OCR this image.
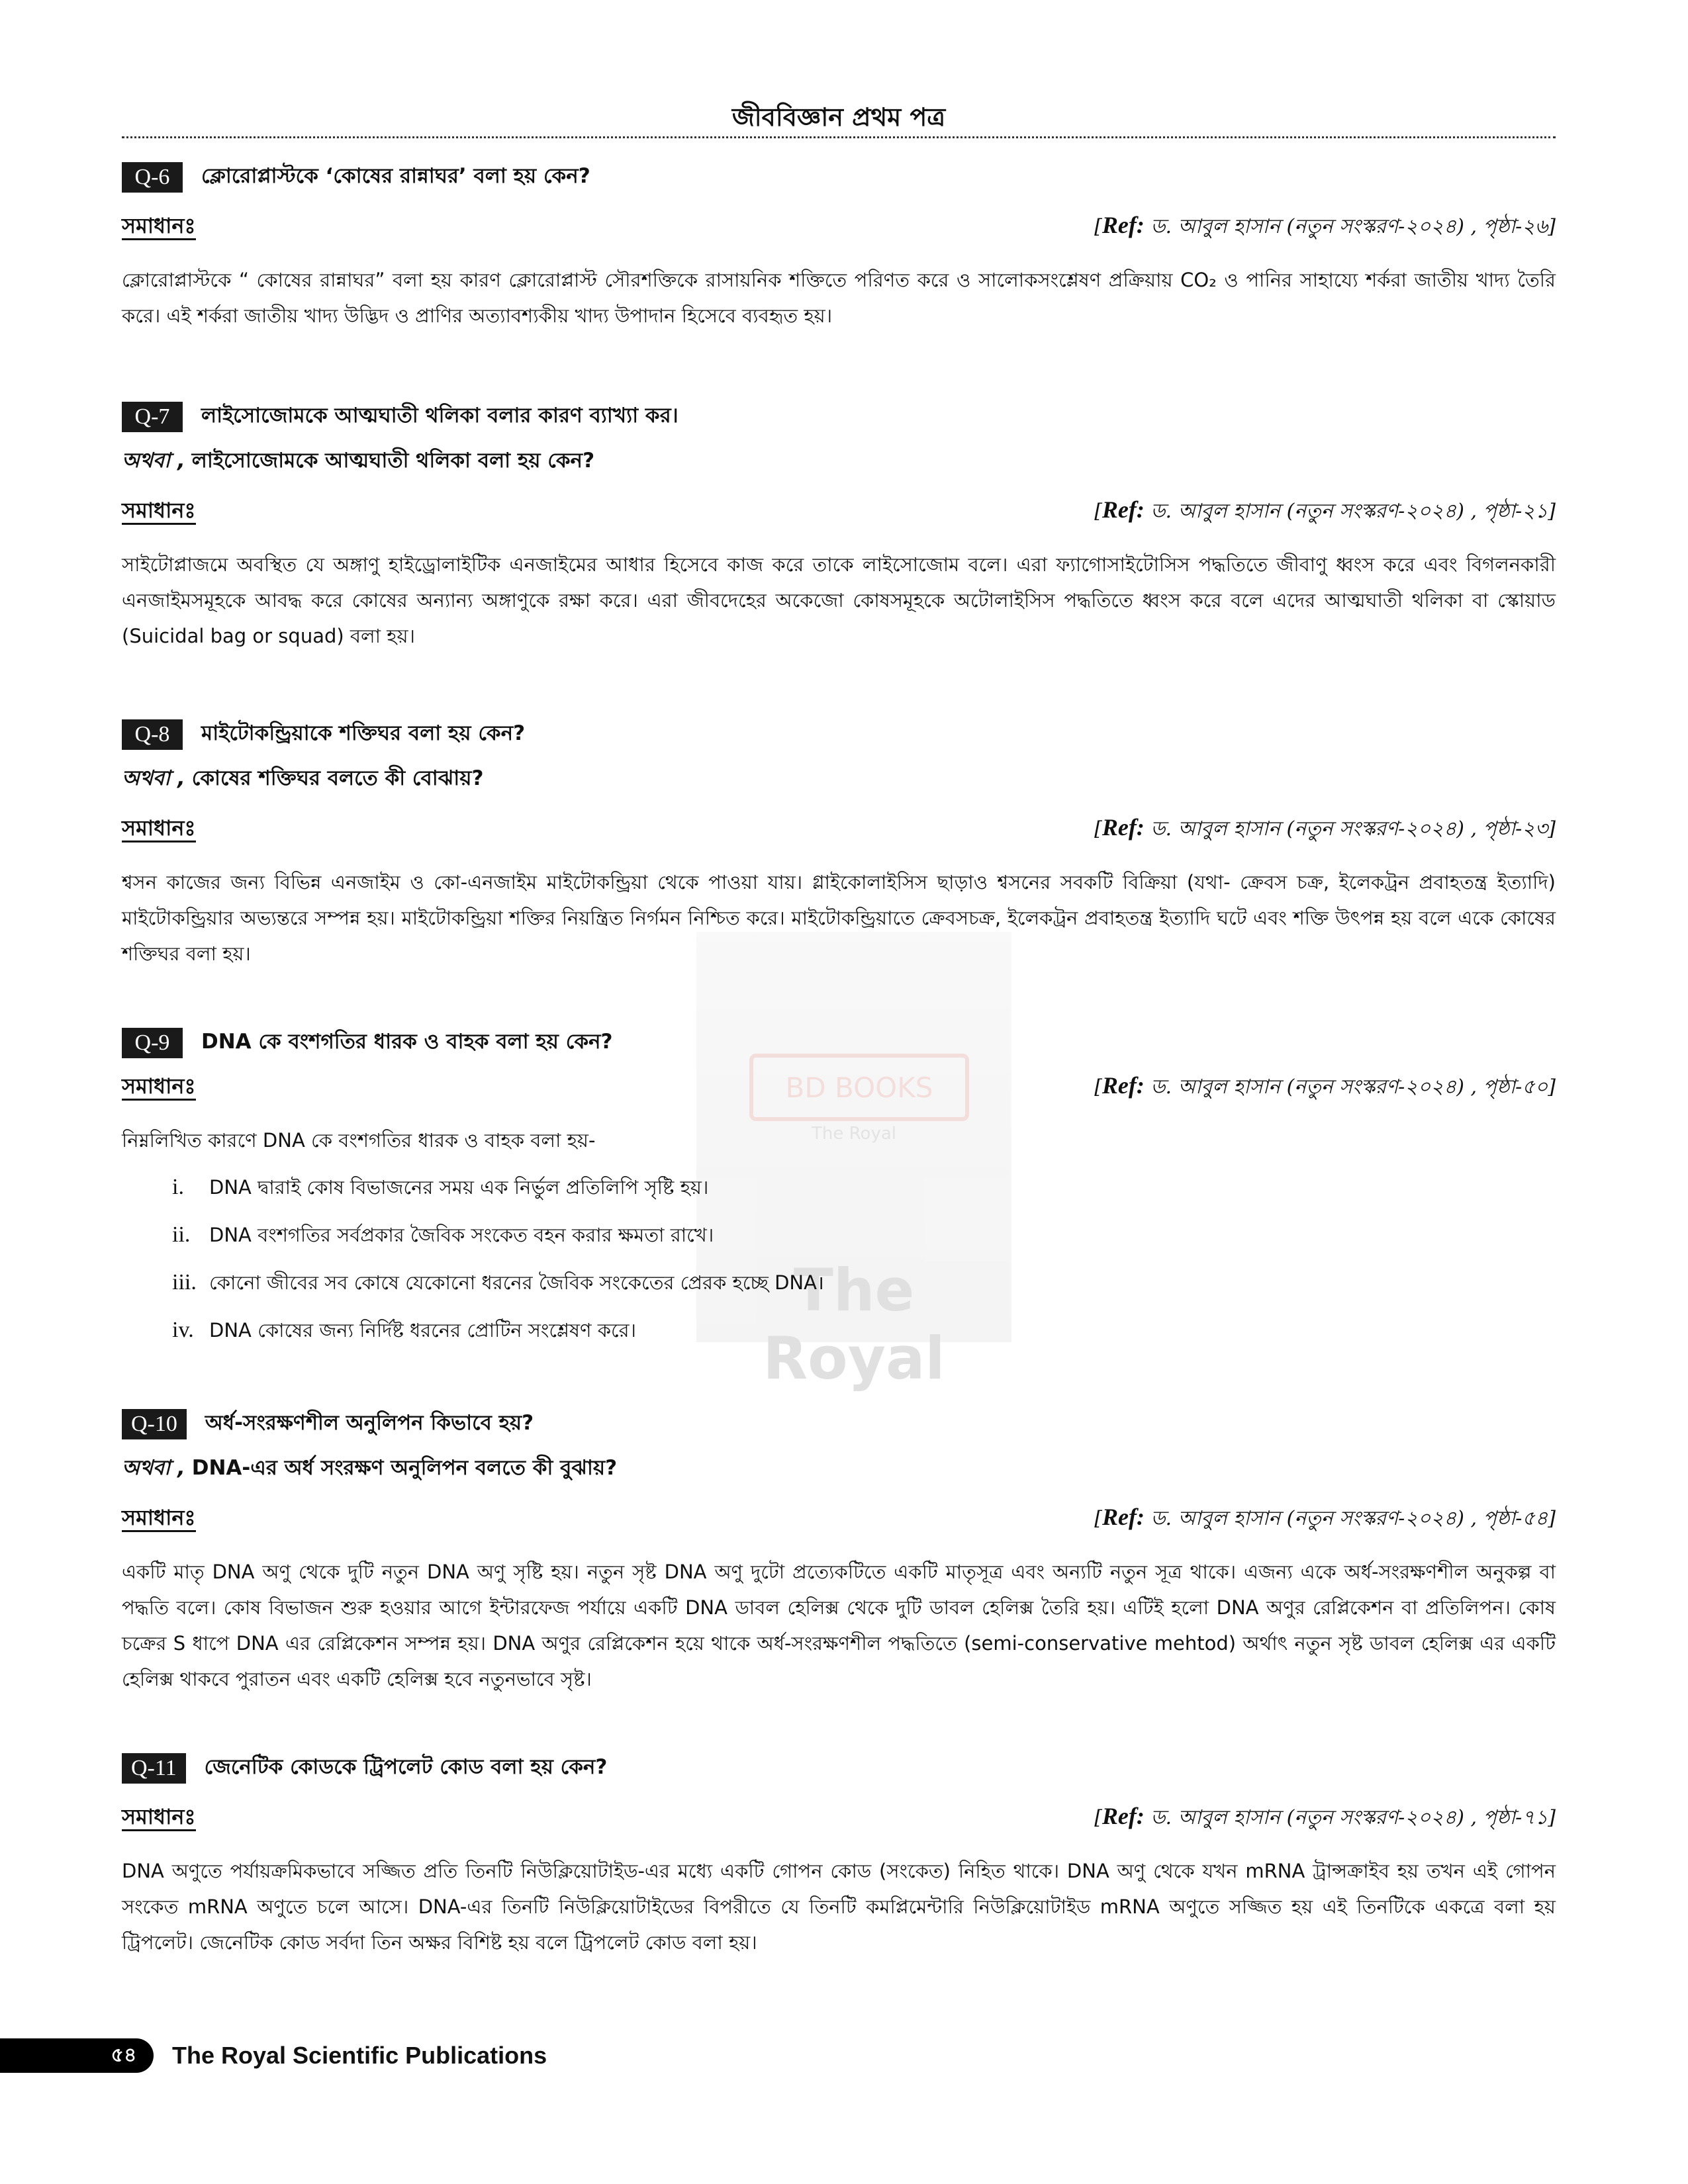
জীববিজ্ঞান প্রথম পত্র
BD BOOKS
The Royal
The Royal
Q-6	ক্লোরোপ্লাস্টকে ‘কোষের রান্নাঘর’ বলা হয় কেন?
সমাধানঃ	[Ref: ড. আবুল হাসান (নতুন সংস্করণ-২০২৪) , পৃষ্ঠা-২৬]
ক্লোরোপ্লাস্টকে “ কোষের রান্নাঘর” বলা হয় কারণ ক্লোরোপ্লাস্ট সৌরশক্তিকে রাসায়নিক শক্তিতে পরিণত করে ও সালোকসংশ্লেষণ প্রক্রিয়ায় CO₂ ও পানির সাহায্যে শর্করা জাতীয় খাদ্য তৈরি করে। এই শর্করা জাতীয় খাদ্য উদ্ভিদ ও প্রাণির অত্যাবশ্যকীয় খাদ্য উপাদান হিসেবে ব্যবহৃত হয়।
Q-7	লাইসোজোমকে আত্মঘাতী থলিকা বলার কারণ ব্যাখ্যা কর।
অথবা , লাইসোজোমকে আত্মঘাতী থলিকা বলা হয় কেন?
সমাধানঃ	[Ref: ড. আবুল হাসান (নতুন সংস্করণ-২০২৪) , পৃষ্ঠা-২১]
সাইটোপ্লাজমে অবস্থিত যে অঙ্গাণু হাইড্রোলাইটিক এনজাইমের আধার হিসেবে কাজ করে তাকে লাইসোজোম বলে। এরা ফ্যাগোসাইটোসিস পদ্ধতিতে জীবাণু ধ্বংস করে এবং বিগলনকারী এনজাইমসমূহকে আবদ্ধ করে কোষের অন্যান্য অঙ্গাণুকে রক্ষা করে। এরা জীবদেহের অকেজো কোষসমূহকে অটোলাইসিস পদ্ধতিতে ধ্বংস করে বলে এদের আত্মঘাতী থলিকা বা স্কোয়াড (Suicidal bag or squad) বলা হয়।
Q-8	মাইটোকন্ড্রিয়াকে শক্তিঘর বলা হয় কেন?
অথবা , কোষের শক্তিঘর বলতে কী বোঝায়?
সমাধানঃ	[Ref: ড. আবুল হাসান (নতুন সংস্করণ-২০২৪) , পৃষ্ঠা-২৩]
শ্বসন কাজের জন্য বিভিন্ন এনজাইম ও কো-এনজাইম মাইটোকন্ড্রিয়া থেকে পাওয়া যায়। গ্লাইকোলাইসিস ছাড়াও শ্বসনের সবকটি বিক্রিয়া (যথা- ক্রেবস চক্র, ইলেকট্রন প্রবাহতন্ত্র ইত্যাদি) মাইটোকন্ড্রিয়ার অভ্যন্তরে সম্পন্ন হয়। মাইটোকন্ড্রিয়া শক্তির নিয়ন্ত্রিত নির্গমন নিশ্চিত করে। মাইটোকন্ড্রিয়াতে ক্রেবসচক্র, ইলেকট্রন প্রবাহতন্ত্র ইত্যাদি ঘটে এবং শক্তি উৎপন্ন হয় বলে একে কোষের শক্তিঘর বলা হয়।
Q-9	DNA কে বংশগতির ধারক ও বাহক বলা হয় কেন?
সমাধানঃ	[Ref: ড. আবুল হাসান (নতুন সংস্করণ-২০২৪) , পৃষ্ঠা-৫০]
নিম্নলিখিত কারণে DNA কে বংশগতির ধারক ও বাহক বলা হয়-
i.	DNA দ্বারাই কোষ বিভাজনের সময় এক নির্ভুল প্রতিলিপি সৃষ্টি হয়।
ii. DNA বংশগতির সর্বপ্রকার জৈবিক সংকেত বহন করার ক্ষমতা রাখে।
iii. কোনো জীবের সব কোষে যেকোনো ধরনের জৈবিক সংকেতের প্রেরক হচ্ছে DNA।
iv. DNA কোষের জন্য নির্দিষ্ট ধরনের প্রোটিন সংশ্লেষণ করে।
Q-10	অর্ধ-সংরক্ষণশীল অনুলিপন কিভাবে হয়?
অথবা , DNA-এর অর্ধ সংরক্ষণ অনুলিপন বলতে কী বুঝায়?
সমাধানঃ	[Ref: ড. আবুল হাসান (নতুন সংস্করণ-২০২৪) , পৃষ্ঠা-৫৪]
একটি মাতৃ DNA অণু থেকে দুটি নতুন DNA অণু সৃষ্টি হয়। নতুন সৃষ্ট DNA অণু দুটো প্রত্যেকটিতে একটি মাতৃসূত্র এবং অন্যটি নতুন সূত্র থাকে। এজন্য একে অর্ধ-সংরক্ষণশীল অনুকল্প বা পদ্ধতি বলে। কোষ বিভাজন শুরু হওয়ার আগে ইন্টারফেজ পর্যায়ে একটি DNA ডাবল হেলিক্স থেকে দুটি ডাবল হেলিক্স তৈরি হয়। এটিই হলো DNA অণুর রেপ্লিকেশন বা প্রতিলিপন। কোষ চক্রের S ধাপে DNA এর রেপ্লিকেশন সম্পন্ন হয়। DNA অণুর রেপ্লিকেশন হয়ে থাকে অর্ধ-সংরক্ষণশীল পদ্ধতিতে (semi-conservative mehtod) অর্থাৎ নতুন সৃষ্ট ডাবল হেলিক্স এর একটি হেলিক্স থাকবে পুরাতন এবং একটি হেলিক্স হবে নতুনভাবে সৃষ্ট।
Q-11	জেনেটিক কোডকে ট্রিপলেট কোড বলা হয় কেন?
সমাধানঃ	[Ref: ড. আবুল হাসান (নতুন সংস্করণ-২০২৪) , পৃষ্ঠা-৭১]
DNA অণুতে পর্যায়ক্রমিকভাবে সজ্জিত প্রতি তিনটি নিউক্লিয়োটাইড-এর মধ্যে একটি গোপন কোড (সংকেত) নিহিত থাকে। DNA অণু থেকে যখন mRNA ট্রান্সক্রাইব হয় তখন এই গোপন সংকেত mRNA অণুতে চলে আসে। DNA-এর তিনটি নিউক্লিয়োটাইডের বিপরীতে যে তিনটি কমপ্লিমেন্টারি নিউক্লিয়োটাইড mRNA অণুতে সজ্জিত হয় এই তিনটিকে একত্রে বলা হয় ট্রিপলেট। জেনেটিক কোড সর্বদা তিন অক্ষর বিশিষ্ট হয় বলে ট্রিপলেট কোড বলা হয়।
৫৪	The Royal Scientific Publications
